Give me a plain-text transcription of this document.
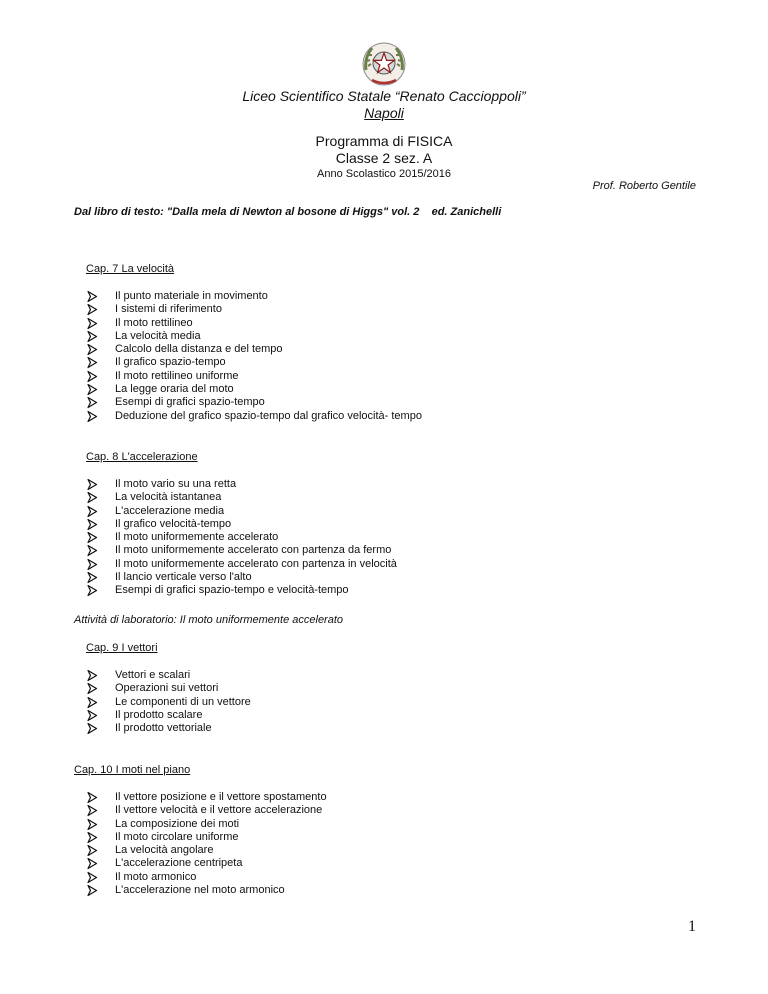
Liceo Scientifico Statale “Renato Caccioppoli”
Napoli
Programma di FISICA
Classe 2 sez. A
Anno Scolastico 2015/2016
Prof. Roberto Gentile
Dal libro di testo: "Dalla mela di Newton al bosone di Higgs" vol. 2    ed. Zanichelli
Cap. 7 La velocità
Il punto materiale in movimento
I sistemi di riferimento
Il moto rettilineo
La velocità media
Calcolo della distanza e del tempo
Il grafico spazio-tempo
Il moto rettilineo uniforme
La legge oraria del moto
Esempi di grafici spazio-tempo
Deduzione del grafico spazio-tempo dal grafico velocità- tempo
Cap. 8 L'accelerazione
Il moto vario su una retta
La velocità istantanea
L'accelerazione media
Il grafico velocità-tempo
Il moto uniformemente accelerato
Il moto uniformemente accelerato con partenza da fermo
Il moto uniformemente accelerato con partenza in velocità
Il lancio verticale verso l'alto
Esempi di grafici spazio-tempo e velocità-tempo
Attività di laboratorio: Il moto uniformemente accelerato
Cap. 9 I vettori
Vettori e scalari
Operazioni sui vettori
Le componenti di un vettore
Il prodotto scalare
Il prodotto vettoriale
Cap. 10 I moti nel piano
Il vettore posizione e il vettore spostamento
Il vettore velocità e il vettore accelerazione
La composizione dei moti
Il moto circolare uniforme
La velocità angolare
L'accelerazione centripeta
Il moto armonico
L'accelerazione nel moto armonico
1
